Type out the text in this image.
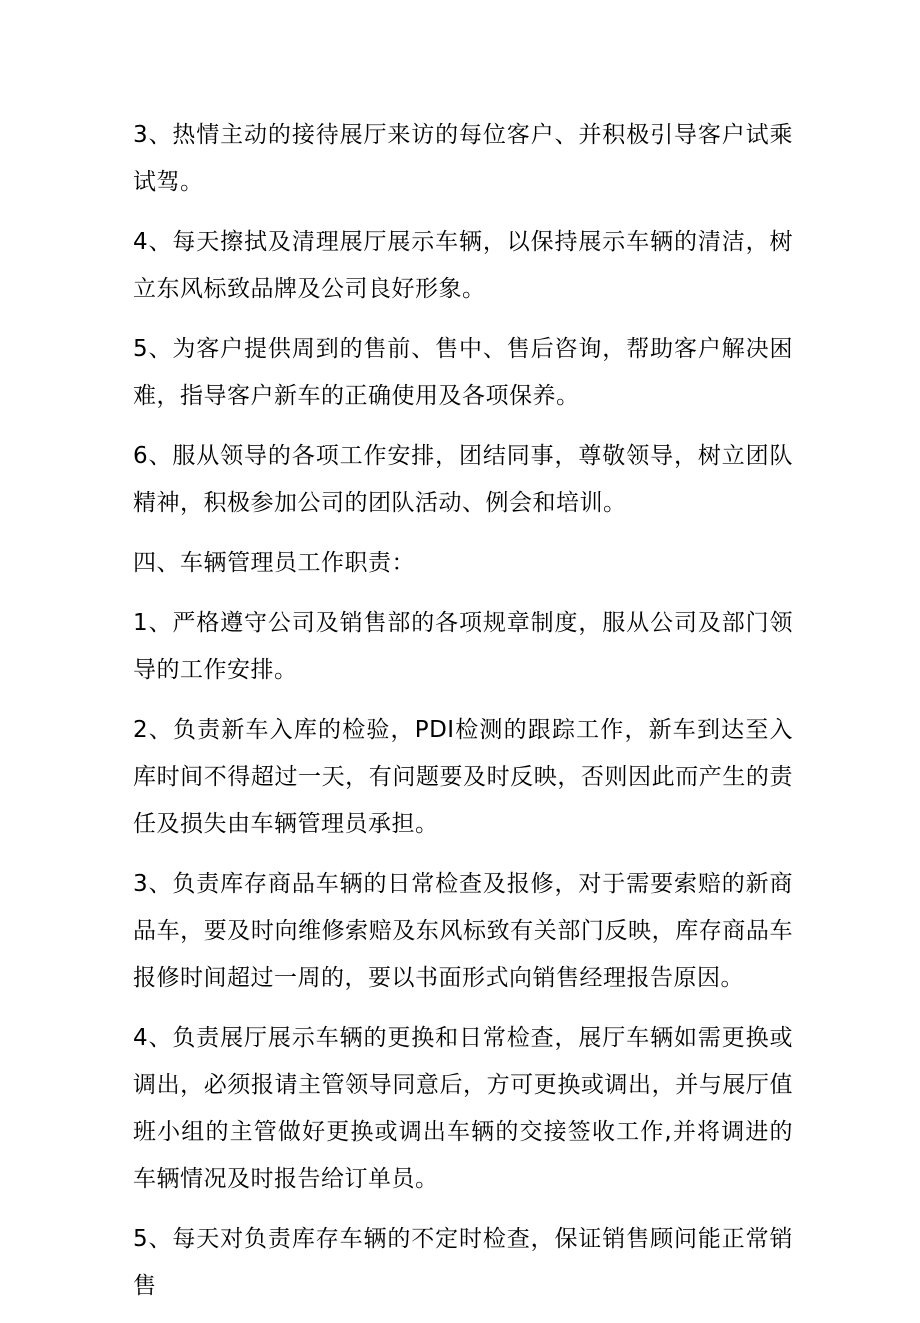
3、热情主动的接待展厅来访的每位客户、并积极引导客户试乘试驾。

4、每天擦拭及清理展厅展示车辆，以保持展示车辆的清洁，树立东风标致品牌及公司良好形象。

5、为客户提供周到的售前、售中、售后咨询，帮助客户解决困难，指导客户新车的正确使用及各项保养。

6、服从领导的各项工作安排，团结同事，尊敬领导，树立团队精神，积极参加公司的团队活动、例会和培训。

四、车辆管理员工作职责：

1、严格遵守公司及销售部的各项规章制度，服从公司及部门领导的工作安排。

2、负责新车入库的检验，PDI检测的跟踪工作，新车到达至入库时间不得超过一天，有问题要及时反映，否则因此而产生的责任及损失由车辆管理员承担。

3、负责库存商品车辆的日常检查及报修，对于需要索赔的新商品车，要及时向维修索赔及东风标致有关部门反映，库存商品车报修时间超过一周的，要以书面形式向销售经理报告原因。

4、负责展厅展示车辆的更换和日常检查，展厅车辆如需更换或调出，必须报请主管领导同意后，方可更换或调出，并与展厅值班小组的主管做好更换或调出车辆的交接签收工作,并将调进的车辆情况及时报告给订单员。

5、每天对负责库存车辆的不定时检查，保证销售顾问能正常销售
